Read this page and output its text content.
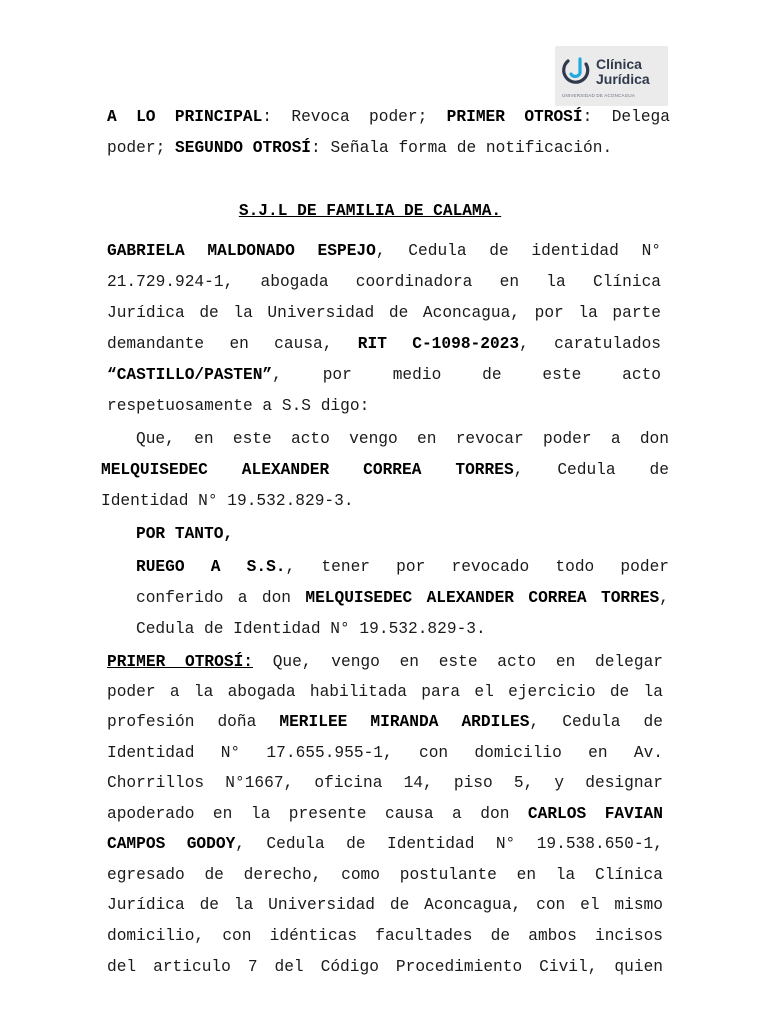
Clínica
Jurídica
UNIVERSIDAD DE ACONCAGUA
A LO PRINCIPAL: Revoca poder; PRIMER OTROSÍ: Delega
poder; SEGUNDO OTROSÍ: Señala forma de notificación.
S.J.L DE FAMILIA DE CALAMA.
GABRIELA MALDONADO ESPEJO, Cedula de identidad N°
21.729.924-1, abogada coordinadora en la Clínica
Jurídica de la Universidad de Aconcagua, por la parte
demandante en causa, RIT C-1098-2023, caratulados
“CASTILLO/PASTEN”, por medio de este acto
respetuosamente a S.S digo:
Que, en este acto vengo en revocar poder a don
MELQUISEDEC ALEXANDER CORREA TORRES, Cedula de
Identidad N° 19.532.829-3.
POR TANTO,
RUEGO A S.S., tener por revocado todo poder
conferido a don MELQUISEDEC ALEXANDER CORREA TORRES,
Cedula de Identidad N° 19.532.829-3.
PRIMER OTROSÍ: Que, vengo en este acto en delegar
poder a la abogada habilitada para el ejercicio de la
profesión doña MERILEE MIRANDA ARDILES, Cedula de
Identidad N° 17.655.955-1, con domicilio en Av.
Chorrillos N°1667, oficina 14, piso 5, y designar
apoderado en la presente causa a don CARLOS FAVIAN
CAMPOS GODOY, Cedula de Identidad N° 19.538.650-1,
egresado de derecho, como postulante en la Clínica
Jurídica de la Universidad de Aconcagua, con el mismo
domicilio, con idénticas facultades de ambos incisos
del articulo 7 del Código Procedimiento Civil, quien
